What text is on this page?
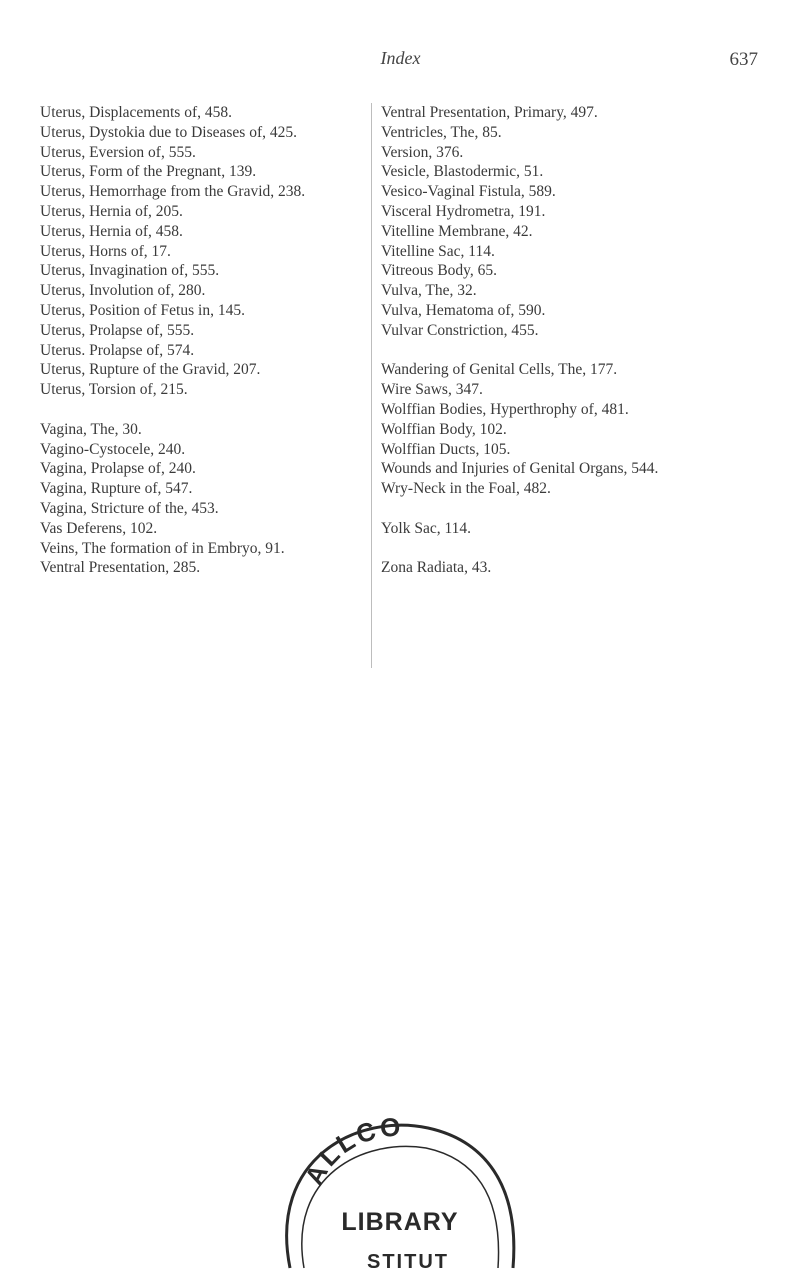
Index	637
Uterus, Displacements of, 458.
Uterus, Dystokia due to Diseases of, 425.
Uterus, Eversion of, 555.
Uterus, Form of the Pregnant, 139.
Uterus, Hemorrhage from the Gravid, 238.
Uterus, Hernia of, 205.
Uterus, Hernia of, 458.
Uterus, Horns of, 17.
Uterus, Invagination of, 555.
Uterus, Involution of, 280.
Uterus, Position of Fetus in, 145.
Uterus, Prolapse of, 555.
Uterus. Prolapse of, 574.
Uterus, Rupture of the Gravid, 207.
Uterus, Torsion of, 215.
Vagina, The, 30.
Vagino-Cystocele, 240.
Vagina, Prolapse of, 240.
Vagina, Rupture of, 547.
Vagina, Stricture of the, 453.
Vas Deferens, 102.
Veins, The formation of in Embryo, 91.
Ventral Presentation, 285.
Ventral Presentation, Primary, 497.
Ventricles, The, 85.
Version, 376.
Vesicle, Blastodermic, 51.
Vesico-Vaginal Fistula, 589.
Visceral Hydrometra, 191.
Vitelline Membrane, 42.
Vitelline Sac, 114.
Vitreous Body, 65.
Vulva, The, 32.
Vulva, Hematoma of, 590.
Vulvar Constriction, 455.
Wandering of Genital Cells, The, 177.
Wire Saws, 347.
Wolffian Bodies, Hyperthrophy of, 481.
Wolffian Body, 102.
Wolffian Ducts, 105.
Wounds and Injuries of Genital Organs, 544.
Wry-Neck in the Foal, 482.
Yolk Sac, 114.
Zona Radiata, 43.
ALLCO
LIBRARY
STITUT
